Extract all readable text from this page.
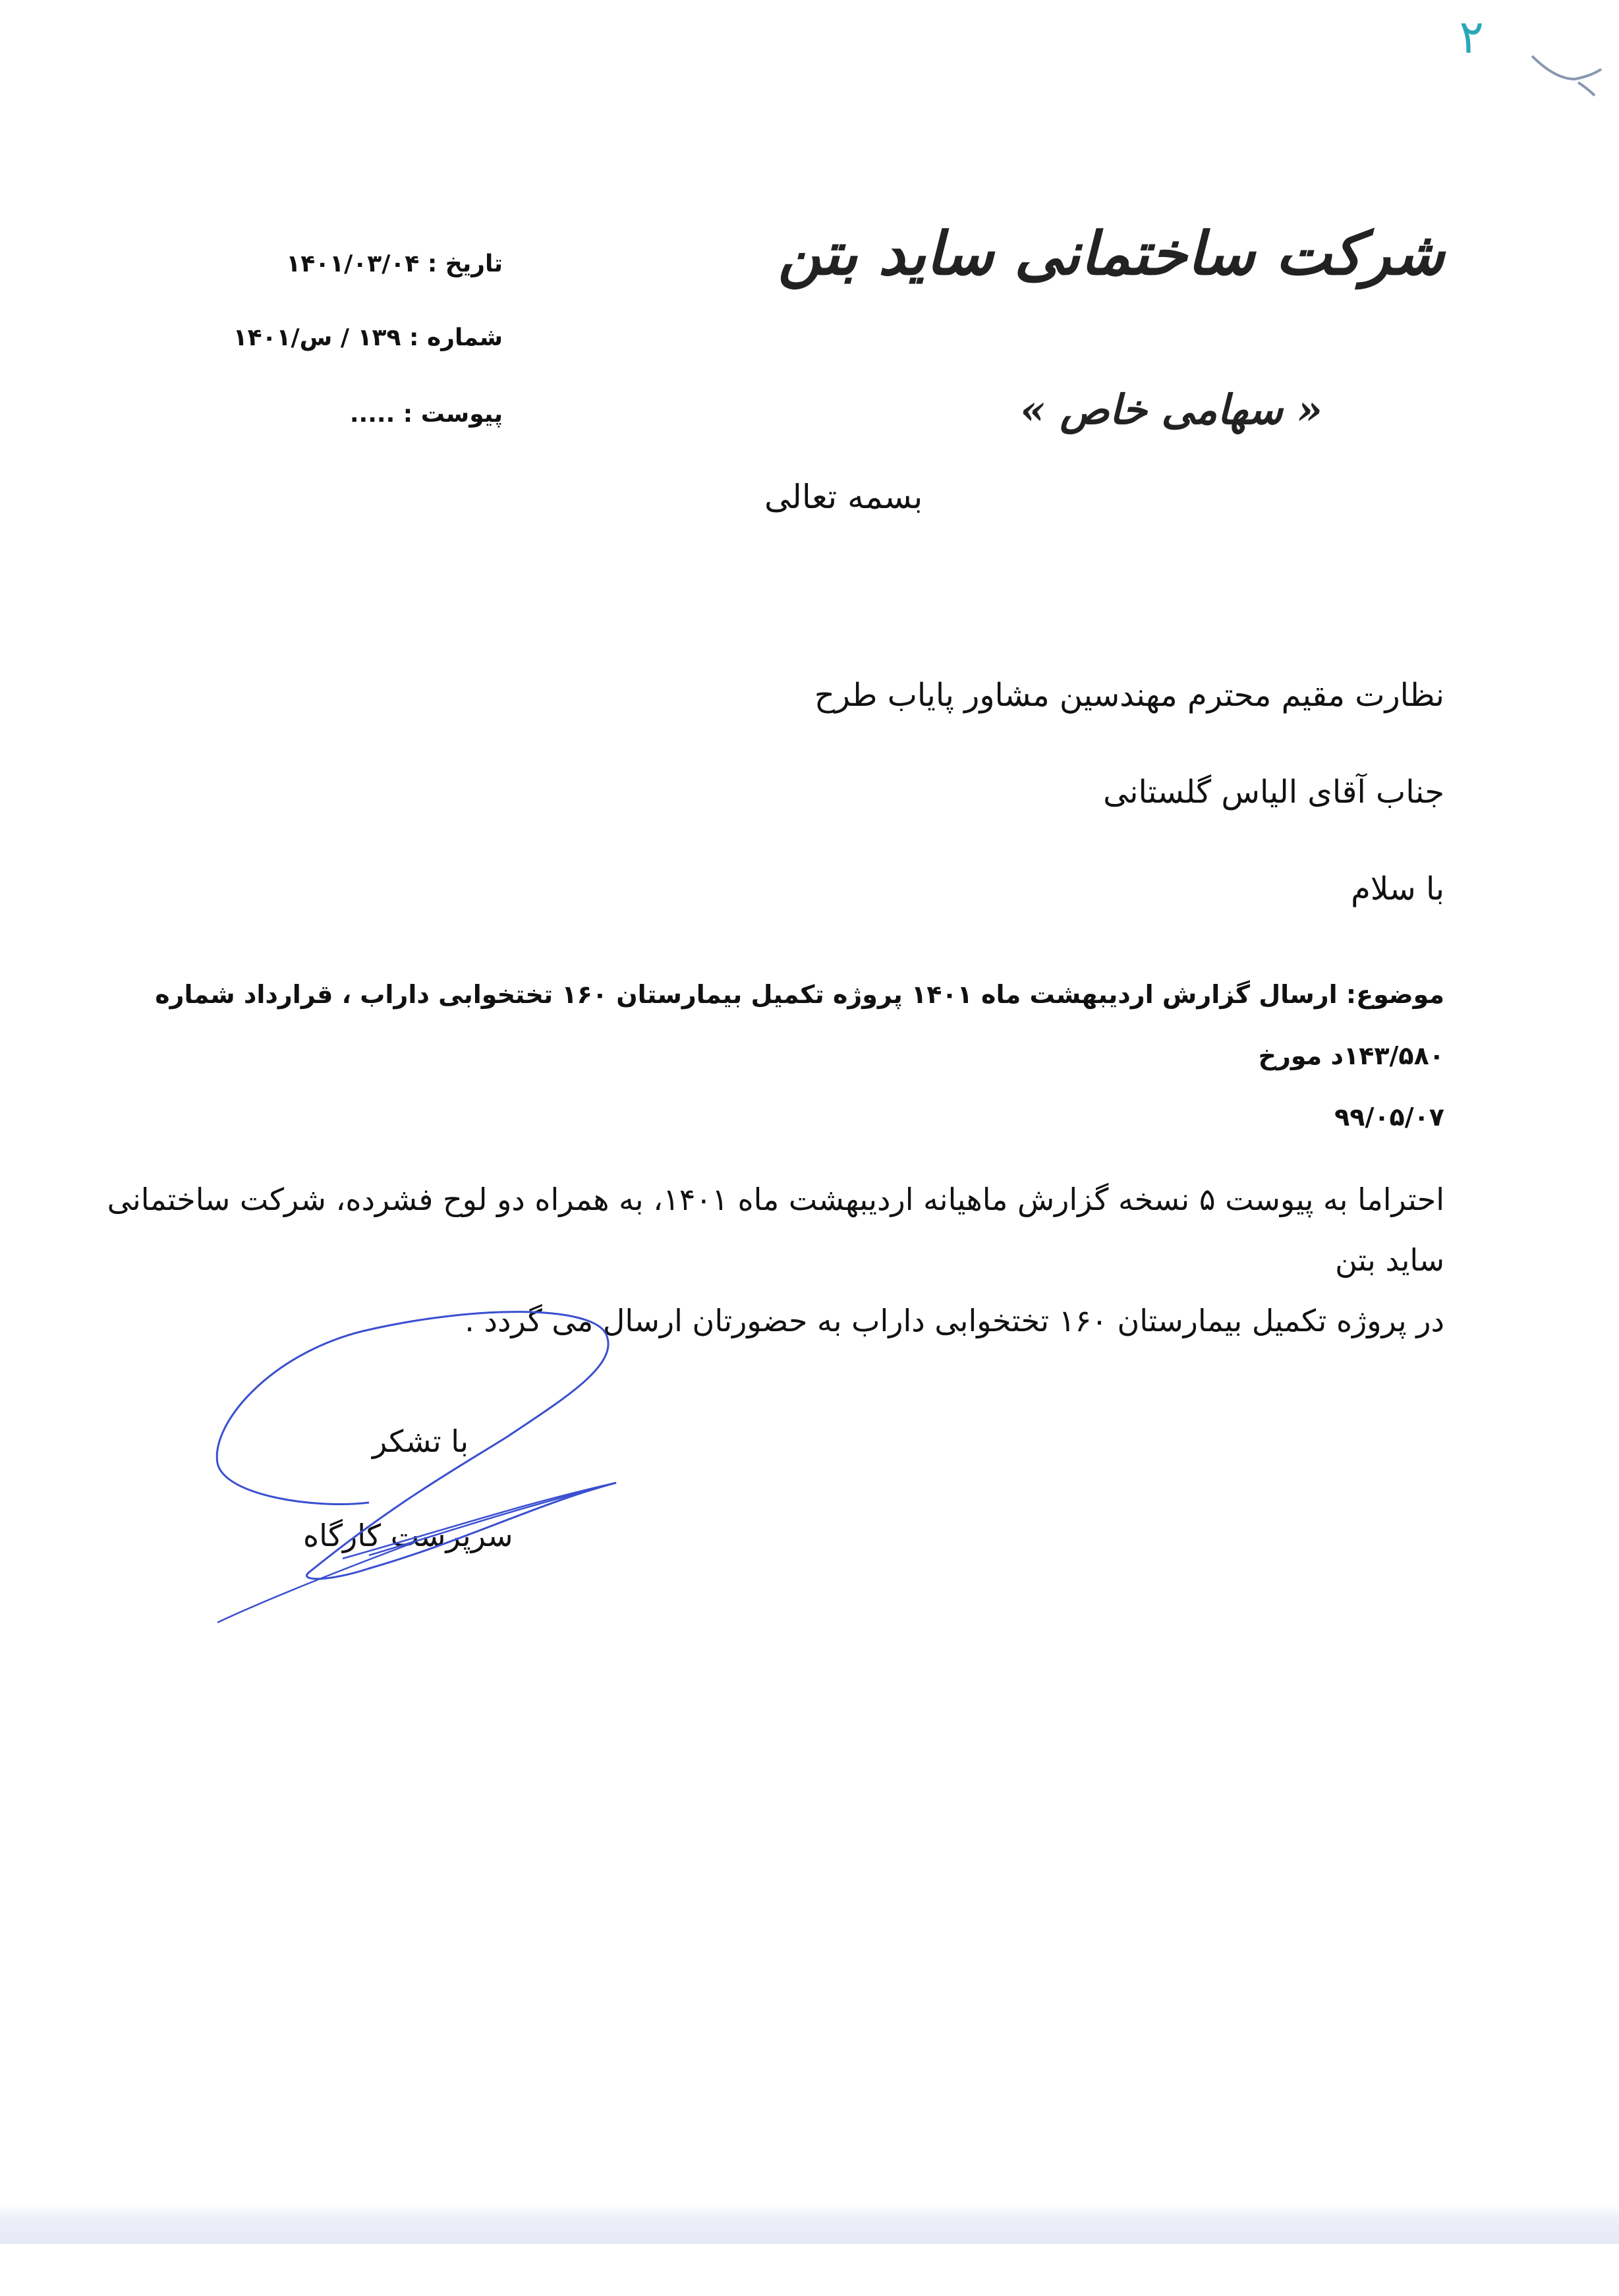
۲
شرکت ساختمانی ساید بتن
« سهامی خاص »
تاریخ : ۱۴۰۱/۰۳/۰۴
شماره : ۱۳۹ / س/۱۴۰۱
پیوست : .....
بسمه تعالی
نظارت مقیم محترم مهندسین مشاور پایاب طرح
جناب آقای الیاس گلستانی
با سلام
موضوع: ارسال گزارش اردیبهشت ماه ۱۴۰۱ پروژه تکمیل بیمارستان ۱۶۰ تختخوابی داراب ، قرارداد شماره ۱۴۳/۵۸۰د مورخ
۹۹/۰۵/۰۷
احتراما به پیوست ۵ نسخه گزارش ماهیانه اردیبهشت ماه ۱۴۰۱، به همراه دو لوح فشرده، شرکت ساختمانی ساید بتن
در پروژه تکمیل بیمارستان ۱۶۰ تختخوابی داراب به حضورتان ارسال می گردد .
با تشکر
سرپرست کارگاه
